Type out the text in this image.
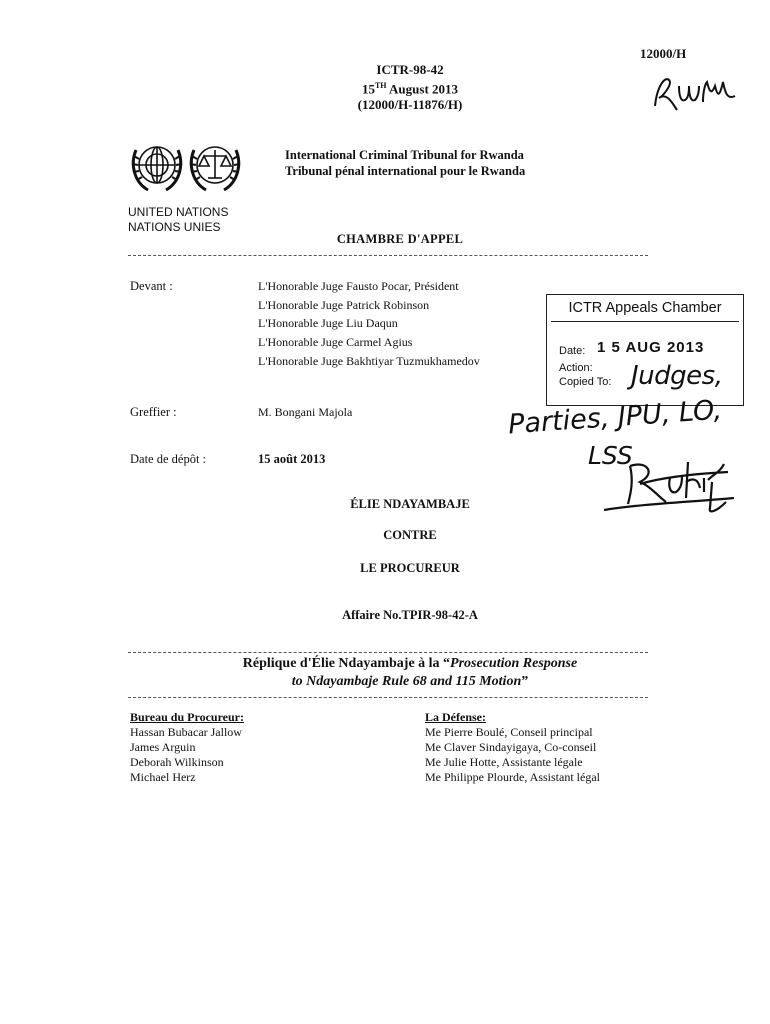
12000/H
ICTR-98-42
15TH August 2013
(12000/H-11876/H)
International Criminal Tribunal for Rwanda
Tribunal pénal international pour le Rwanda
UNITED NATIONS
NATIONS UNIES
CHAMBRE D'APPEL
Devant :	L'Honorable Juge Fausto Pocar, Président
L'Honorable Juge Patrick Robinson
L'Honorable Juge Liu Daqun
L'Honorable Juge Carmel Agius
L'Honorable Juge Bakhtiyar Tuzmukhamedov
ICTR Appeals Chamber
Date: 1 5 AUG 2013
Action:
Copied To: Judges,
Parties, JPU, LO,
LSS
Greffier :	M. Bongani Majola
Date de dépôt :	15 août 2013
ÉLIE NDAYAMBAJE
CONTRE
LE PROCUREUR
Affaire No.TPIR-98-42-A
Réplique d'Élie Ndayambaje à la “Prosecution Response
to Ndayambaje Rule 68 and 115 Motion”
Bureau du Procureur:
Hassan Bubacar Jallow
James Arguin
Deborah Wilkinson
Michael Herz
La Défense:
Me Pierre Boulé, Conseil principal
Me Claver Sindayigaya, Co-conseil
Me Julie Hotte, Assistante légale
Me Philippe Plourde, Assistant légal
